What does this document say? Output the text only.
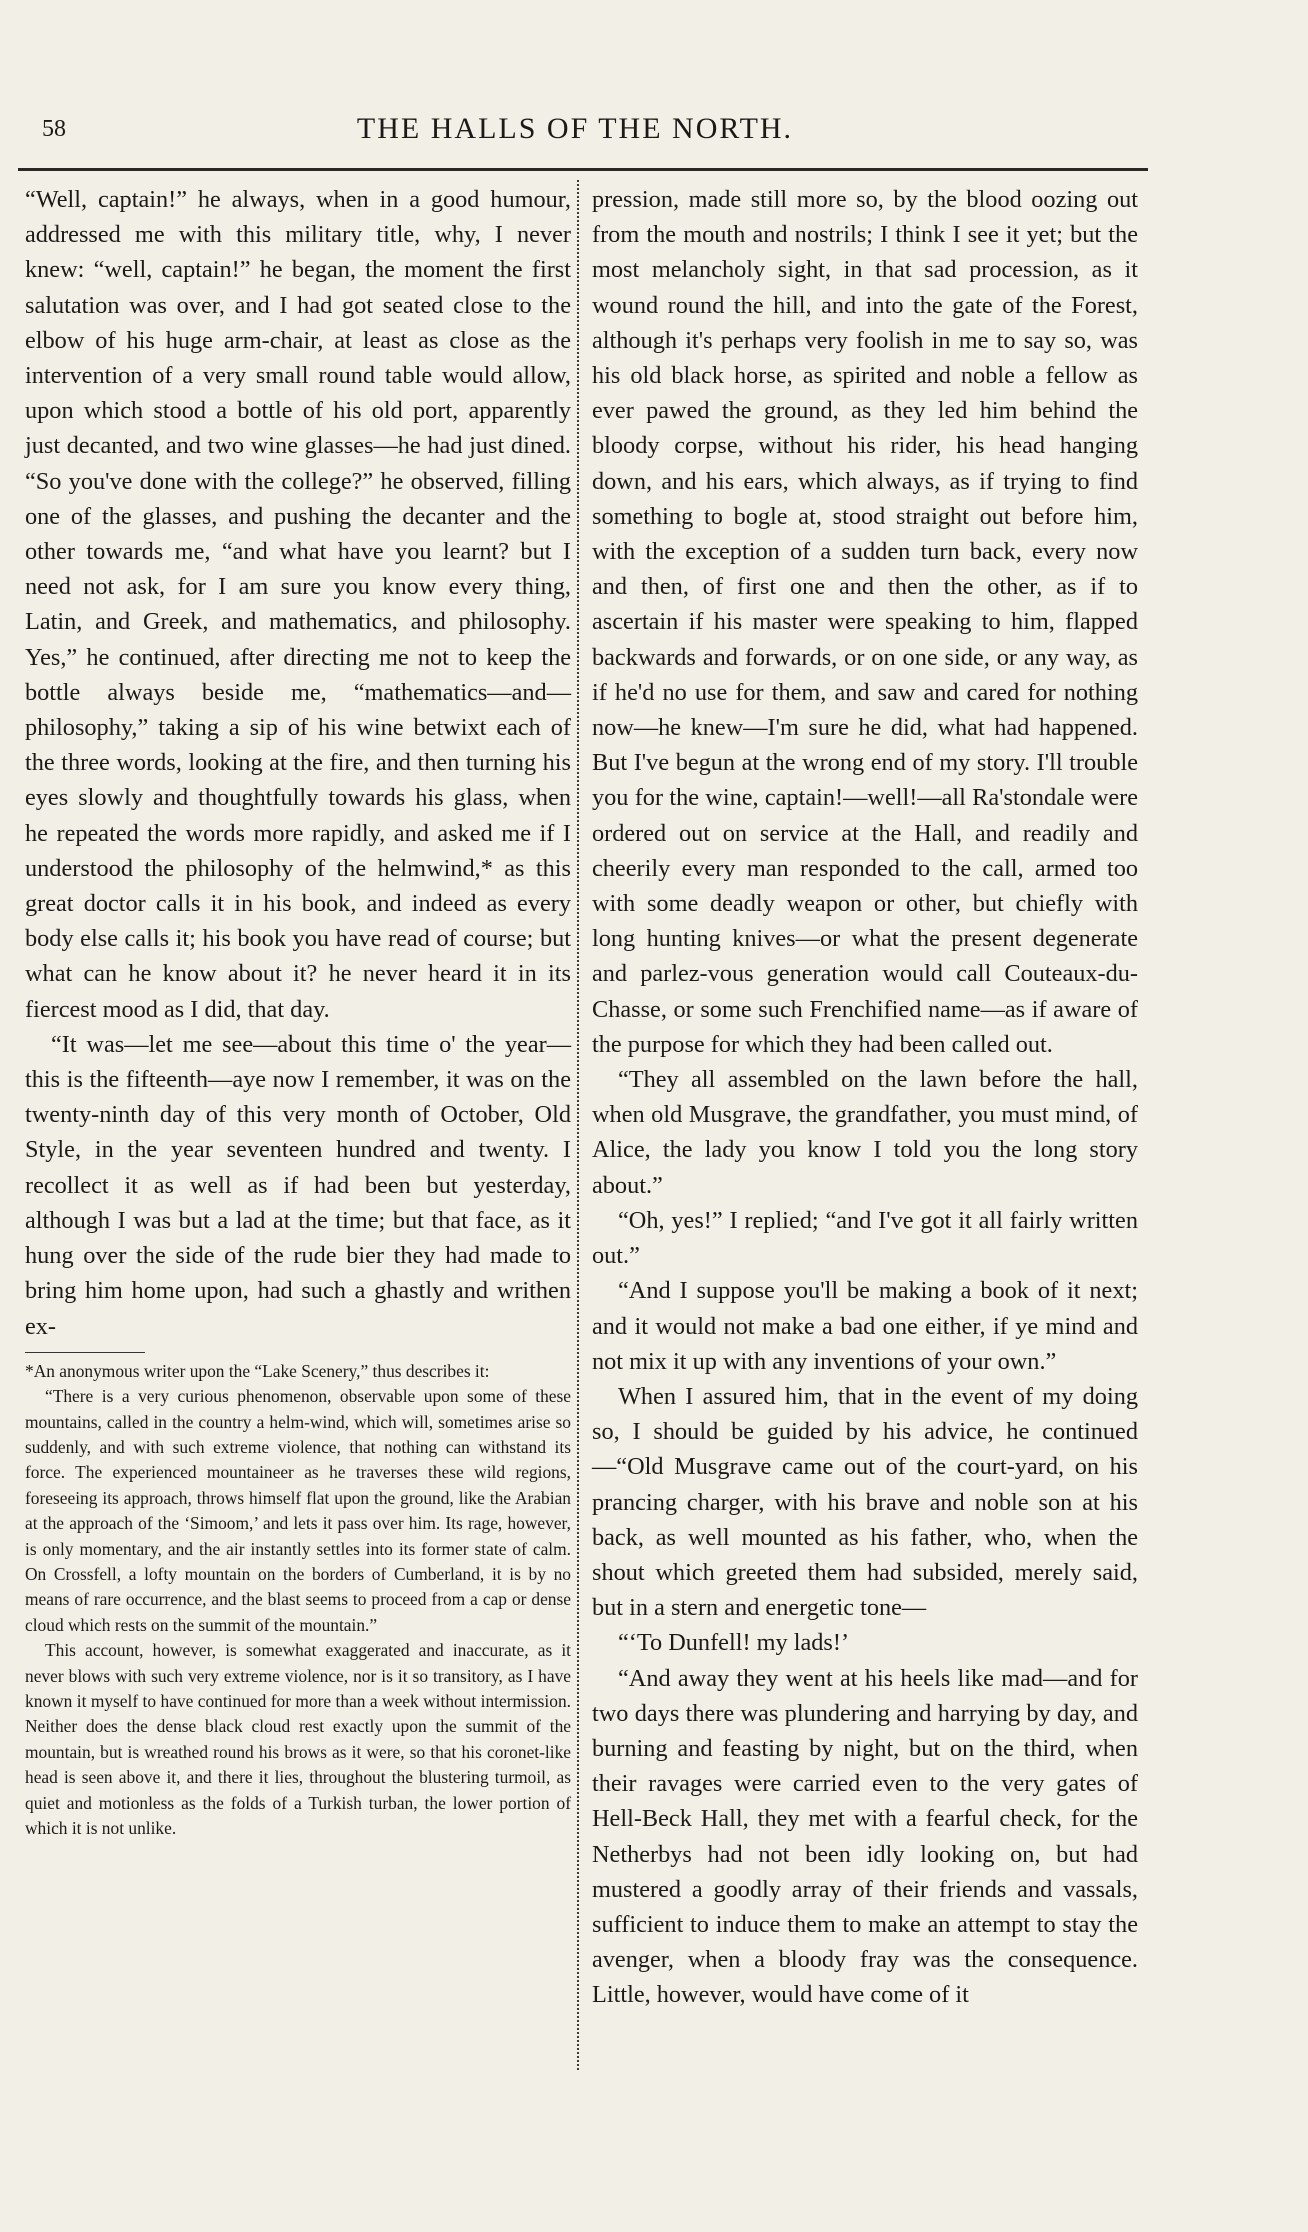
58	THE HALLS OF THE NORTH.

“Well, captain!” he always, when in a good humour, addressed me with this military title, why, I never knew: “well, captain!” he began, the moment the first salutation was over, and I had got seated close to the elbow of his huge arm-chair, at least as close as the intervention of a very small round table would allow, upon which stood a bottle of his old port, apparently just decanted, and two wine glasses—he had just dined. “So you've done with the college?” he observed, filling one of the glasses, and pushing the decanter and the other towards me, “and what have you learnt? but I need not ask, for I am sure you know every thing, Latin, and Greek, and mathematics, and philosophy. Yes,” he continued, after directing me not to keep the bottle always beside me, “mathematics—and—philosophy,” taking a sip of his wine betwixt each of the three words, looking at the fire, and then turning his eyes slowly and thoughtfully towards his glass, when he repeated the words more rapidly, and asked me if I understood the philosophy of the helmwind,* as this great doctor calls it in his book, and indeed as every body else calls it; his book you have read of course; but what can he know about it? he never heard it in its fiercest mood as I did, that day.

“It was—let me see—about this time o' the year—this is the fifteenth—aye now I remember, it was on the twenty-ninth day of this very month of October, Old Style, in the year seventeen hundred and twenty. I recollect it as well as if had been but yesterday, although I was but a lad at the time; but that face, as it hung over the side of the rude bier they had made to bring him home upon, had such a ghastly and writhen ex-

*An anonymous writer upon the “Lake Scenery,” thus describes it:

“There is a very curious phenomenon, observable upon some of these mountains, called in the country a helm-wind, which will, sometimes arise so suddenly, and with such extreme violence, that nothing can withstand its force. The experienced mountaineer as he traverses these wild regions, foreseeing its approach, throws himself flat upon the ground, like the Arabian at the approach of the ‘Simoom,’ and lets it pass over him. Its rage, however, is only momentary, and the air instantly settles into its former state of calm. On Crossfell, a lofty mountain on the borders of Cumberland, it is by no means of rare occurrence, and the blast seems to proceed from a cap or dense cloud which rests on the summit of the mountain.”

This account, however, is somewhat exaggerated and inaccurate, as it never blows with such very extreme violence, nor is it so transitory, as I have known it myself to have continued for more than a week without intermission. Neither does the dense black cloud rest exactly upon the summit of the mountain, but is wreathed round his brows as it were, so that his coronet-like head is seen above it, and there it lies, throughout the blustering turmoil, as quiet and motionless as the folds of a Turkish turban, the lower portion of which it is not unlike.

pression, made still more so, by the blood oozing out from the mouth and nostrils; I think I see it yet; but the most melancholy sight, in that sad procession, as it wound round the hill, and into the gate of the Forest, although it's perhaps very foolish in me to say so, was his old black horse, as spirited and noble a fellow as ever pawed the ground, as they led him behind the bloody corpse, without his rider, his head hanging down, and his ears, which always, as if trying to find something to bogle at, stood straight out before him, with the exception of a sudden turn back, every now and then, of first one and then the other, as if to ascertain if his master were speaking to him, flapped backwards and forwards, or on one side, or any way, as if he'd no use for them, and saw and cared for nothing now—he knew—I'm sure he did, what had happened. But I've begun at the wrong end of my story. I'll trouble you for the wine, captain!—well!—all Ra'stondale were ordered out on service at the Hall, and readily and cheerily every man responded to the call, armed too with some deadly weapon or other, but chiefly with long hunting knives—or what the present degenerate and parlez-vous generation would call Couteaux-du-Chasse, or some such Frenchified name—as if aware of the purpose for which they had been called out.

“They all assembled on the lawn before the hall, when old Musgrave, the grandfather, you must mind, of Alice, the lady you know I told you the long story about.”

“Oh, yes!” I replied; “and I've got it all fairly written out.”

“And I suppose you'll be making a book of it next; and it would not make a bad one either, if ye mind and not mix it up with any inventions of your own.”

When I assured him, that in the event of my doing so, I should be guided by his advice, he continued—“Old Musgrave came out of the court-yard, on his prancing charger, with his brave and noble son at his back, as well mounted as his father, who, when the shout which greeted them had subsided, merely said, but in a stern and energetic tone—

“‘To Dunfell! my lads!’

“And away they went at his heels like mad—and for two days there was plundering and harrying by day, and burning and feasting by night, but on the third, when their ravages were carried even to the very gates of Hell-Beck Hall, they met with a fearful check, for the Netherbys had not been idly looking on, but had mustered a goodly array of their friends and vassals, sufficient to induce them to make an attempt to stay the avenger, when a bloody fray was the consequence. Little, however, would have come of it
